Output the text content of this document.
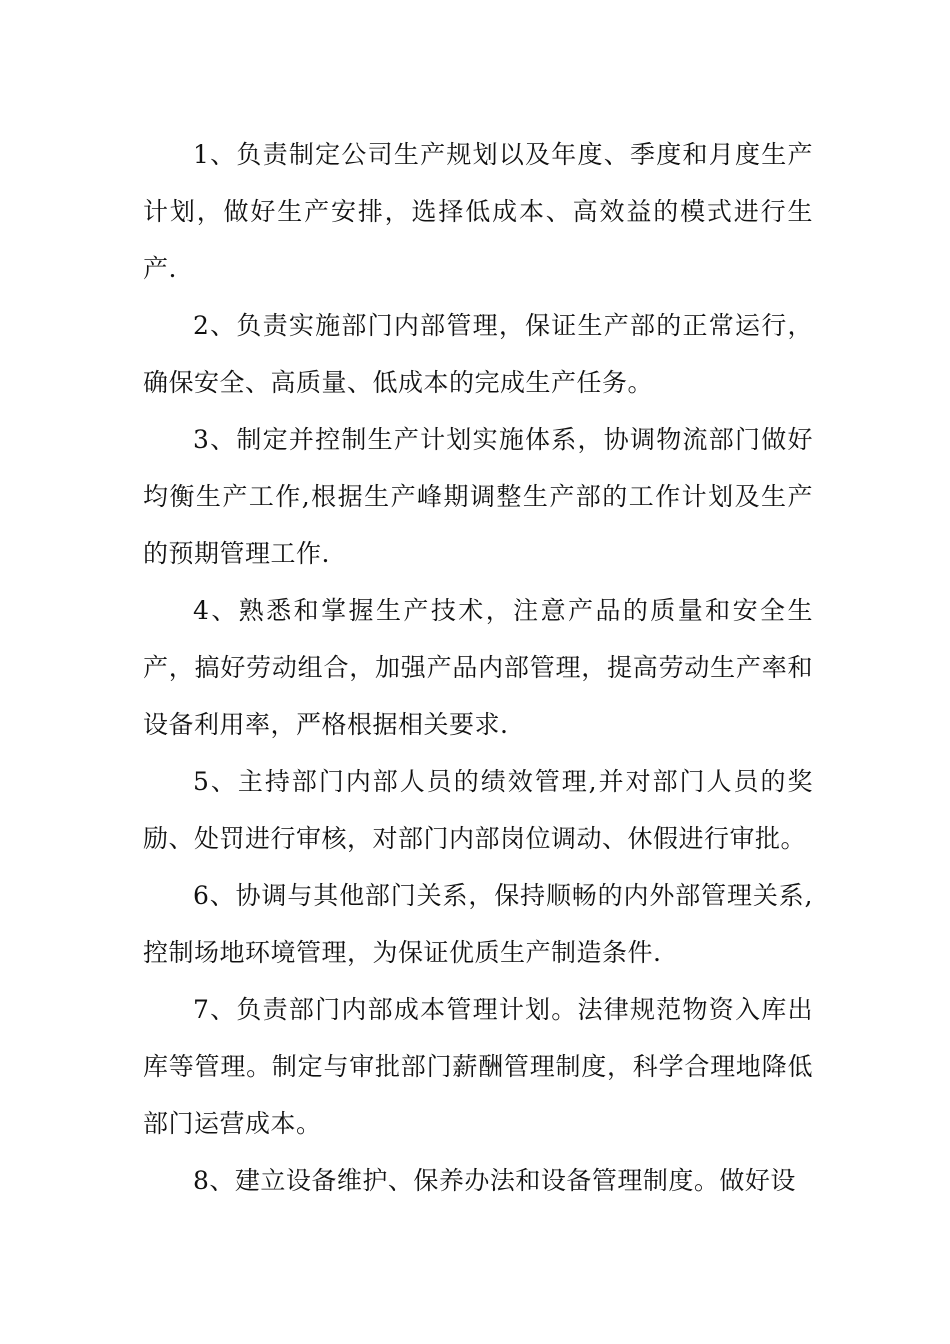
1、负责制定公司生产规划以及年度、季度和月度生产计划，做好生产安排，选择低成本、高效益的模式进行生产.

2、负责实施部门内部管理，保证生产部的正常运行，确保安全、高质量、低成本的完成生产任务。

3、制定并控制生产计划实施体系，协调物流部门做好均衡生产工作,根据生产峰期调整生产部的工作计划及生产的预期管理工作.

4、熟悉和掌握生产技术，注意产品的质量和安全生产，搞好劳动组合，加强产品内部管理，提高劳动生产率和设备利用率，严格根据相关要求.

5、主持部门内部人员的绩效管理,并对部门人员的奖励、处罚进行审核，对部门内部岗位调动、休假进行审批。

6、协调与其他部门关系，保持顺畅的内外部管理关系,控制场地环境管理，为保证优质生产制造条件.

7、负责部门内部成本管理计划。法律规范物资入库出库等管理。制定与审批部门薪酬管理制度，科学合理地降低部门运营成本。

8、建立设备维护、保养办法和设备管理制度。做好设
